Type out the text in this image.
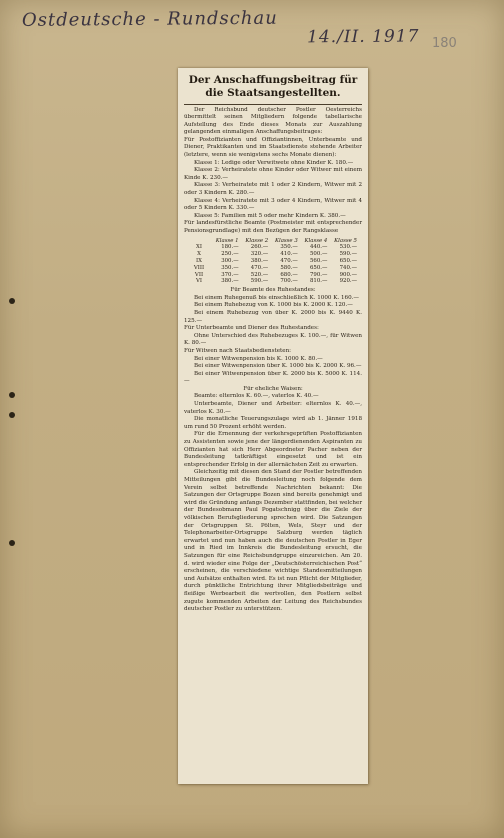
Ostdeutsche - Rundschau
14./II. 1917 180
Der Anschaffungsbeitrag für die Staatsangestellten.

Der Reichsbund deutscher Postler Oesterreichs übermittelt seinen Mitgliedern folgende tabellarische Aufstellung des Ende dieses Monats zur Auszahlung gelangenden einmaligen Anschaffungsbeitrages:

Für Postoffizianten und Offiziantinnen, Unterbeamte und Diener, Praktikanten und im Staatsdienste stehende Arbeiter (letztere, wenn sie wenigstens sechs Monate dienen):

Klasse 1: Ledige oder Verwitwete ohne Kinder K. 180.—

Klasse 2: Verheiratete ohne Kinder oder Witwer mit einem Kinde K. 230.—

Klasse 3: Verheiratete mit 1 oder 2 Kindern, Witwer mit 2 oder 3 Kindern K. 280.—

Klasse 4: Verheiratete mit 3 oder 4 Kindern, Witwer mit 4 oder 5 Kindern K. 330.—

Klasse 5: Familien mit 5 oder mehr Kindern K. 380.—

Für landesfürstliche Beamte (Postmeister mit entsprechender Pensionsgrundlage) mit den Bezügen der Rangsklasse

	Klasse 1	Klasse 2	Klasse 3	Klasse 4	Klasse 5
XI	180.—	260.—	350.—	440.—	530.—
X	250.—	320.—	410.—	500.—	590.—
IX	300.—	380.—	470.—	560.—	650.—
VIII	350.—	470.—	580.—	650.—	740.—
VII	370.—	520.—	680.—	790.—	900.—
VI	380.—	590.—	700.—	810.—	920.—

Für Beamte des Ruhestandes:

Bei einem Ruhegenuß bis einschließlich K. 1000 K. 160.—

Bei einem Ruhebezug von K. 1000 bis K. 2000 K. 120.—

Bei einem Ruhebezug von über K. 2000 bis K. 9440 K. 125.—

Für Unterbeamte und Diener des Ruhestandes:

Ohne Unterschied des Ruhebezuges K. 100.—, für Witwen K. 80.—

Für Witwen nach Staatsbediensteten:

Bei einer Witwenpension bis K. 1000 K. 80.—

Bei einer Witwenpension über K. 1000 bis K. 2000 K. 96.—

Bei einer Witwenpension über K. 2000 bis K. 5000 K. 114.—

Für eheliche Waisen:

Beamte: elternlos K. 60.—, vaterlos K. 40.—

Unterbeamte, Diener und Arbeiter: elternlos K. 40.—, vaterlos K. 30.—

Die monatliche Teuerungszulage wird ab 1. Jänner 1918 um rund 50 Prozent erhöht werden.

Für die Ernennung der verkehrsgeprüften Postoffizianten zu Assistenten sowie jene der längerdienenden Aspiranten zu Offizianten hat sich Herr Abgeordneter Pacher neben der Bundesleitung tatkräftigst eingesetzt und ist ein entsprechender Erfolg in der allernächsten Zeit zu erwarten.

Gleichzeitig mit diesen den Stand der Postler betreffenden Mitteilungen gibt die Bundesleitung noch folgende dem Verein selbst betreffende Nachrichten bekannt: Die Satzungen der Ortsgruppe Bozen sind bereits genehmigt und wird die Gründung anfangs Dezember stattfinden, bei welcher der Bundesobmann Paul Pogatschnigg über die Ziele der völkischen Berufsgliederung sprechen wird. Die Satzungen der Ortsgruppen St. Pölten, Wels, Steyr und der Telephonarbeiter-Ortsgruppe Salzburg werden täglich erwartet und nun haben auch die deutschen Postler in Eger und in Ried im Innkreis die Bundesleitung ersucht, die Satzungen für eine Reichsbundgruppe einzureichen. Am 20. d. wird wieder eine Folge der „Deutschösterreichischen Post“ erscheinen, die verschiedene wichtige Standesmitteilungen und Aufsätze enthalten wird. Es ist nun Pflicht der Mitglieder, durch pünktliche Entrichtung ihrer Mitgliedsbeiträge und fleißige Werbearbeit die wertvollen, den Postlern selbst zugute kommenden Arbeiten der Leitung des Reichsbundes deutscher Postler zu unterstützen.
